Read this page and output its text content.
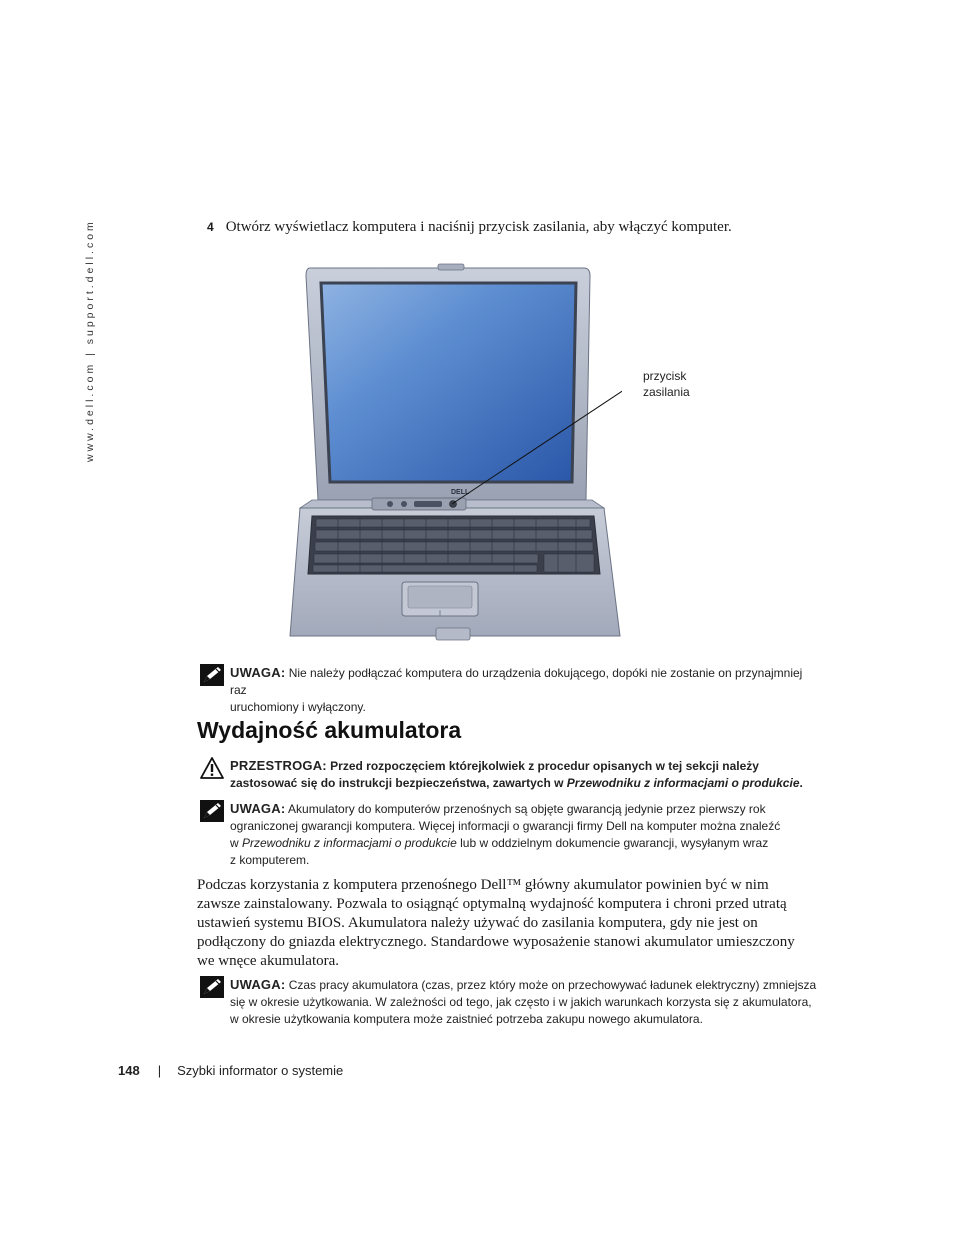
www.dell.com | support.dell.com	4 Otwórz wyświetlacz komputera i naciśnij przycisk zasilania, aby włączyć komputer.
DELL
przycisk
zasilania
UWAGA: Nie należy podłączać komputera do urządzenia dokującego, dopóki nie zostanie on przynajmniej raz
uruchomiony i wyłączony.
Wydajność akumulatora
PRZESTROGA: Przed rozpoczęciem którejkolwiek z procedur opisanych w tej sekcji należy
zastosować się do instrukcji bezpieczeństwa, zawartych w Przewodniku z informacjami o produkcie.
UWAGA: Akumulatory do komputerów przenośnych są objęte gwarancją jedynie przez pierwszy rok
ograniczonej gwarancji komputera. Więcej informacji o gwarancji firmy Dell na komputer można znaleźć
w Przewodniku z informacjami o produkcie lub w oddzielnym dokumencie gwarancji, wysyłanym wraz
z komputerem.
Podczas korzystania z komputera przenośnego Dell™ główny akumulator powinien być w nim
zawsze zainstalowany. Pozwala to osiągnąć optymalną wydajność komputera i chroni przed utratą
ustawień systemu BIOS. Akumulatora należy używać do zasilania komputera, gdy nie jest on
podłączony do gniazda elektrycznego. Standardowe wyposażenie stanowi akumulator umieszczony
we wnęce akumulatora.
UWAGA: Czas pracy akumulatora (czas, przez który może on przechowywać ładunek elektryczny) zmniejsza
się w okresie użytkowania. W zależności od tego, jak często i w jakich warunkach korzysta się z akumulatora,
w okresie użytkowania komputera może zaistnieć potrzeba zakupu nowego akumulatora.
148 | Szybki informator o systemie
